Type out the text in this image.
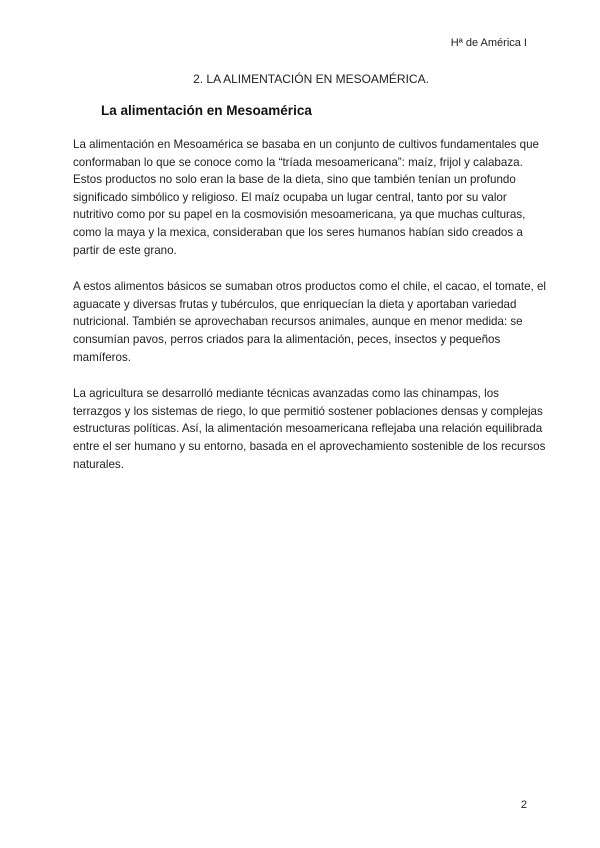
Hª de América I
2. LA ALIMENTACIÓN EN MESOAMÉRICA.
La alimentación en Mesoamérica

La alimentación en Mesoamérica se basaba en un conjunto de cultivos fundamentales que conformaban lo que se conoce como la “tríada mesoamericana”: maíz, frijol y calabaza. Estos productos no solo eran la base de la dieta, sino que también tenían un profundo significado simbólico y religioso. El maíz ocupaba un lugar central, tanto por su valor nutritivo como por su papel en la cosmovisión mesoamericana, ya que muchas culturas, como la maya y la mexica, consideraban que los seres humanos habían sido creados a partir de este grano.

A estos alimentos básicos se sumaban otros productos como el chile, el cacao, el tomate, el aguacate y diversas frutas y tubérculos, que enriquecían la dieta y aportaban variedad nutricional. También se aprovechaban recursos animales, aunque en menor medida: se consumían pavos, perros criados para la alimentación, peces, insectos y pequeños mamíferos.

La agricultura se desarrolló mediante técnicas avanzadas como las chinampas, los terrazgos y los sistemas de riego, lo que permitió sostener poblaciones densas y complejas estructuras políticas. Así, la alimentación mesoamericana reflejaba una relación equilibrada entre el ser humano y su entorno, basada en el aprovechamiento sostenible de los recursos naturales.

2
